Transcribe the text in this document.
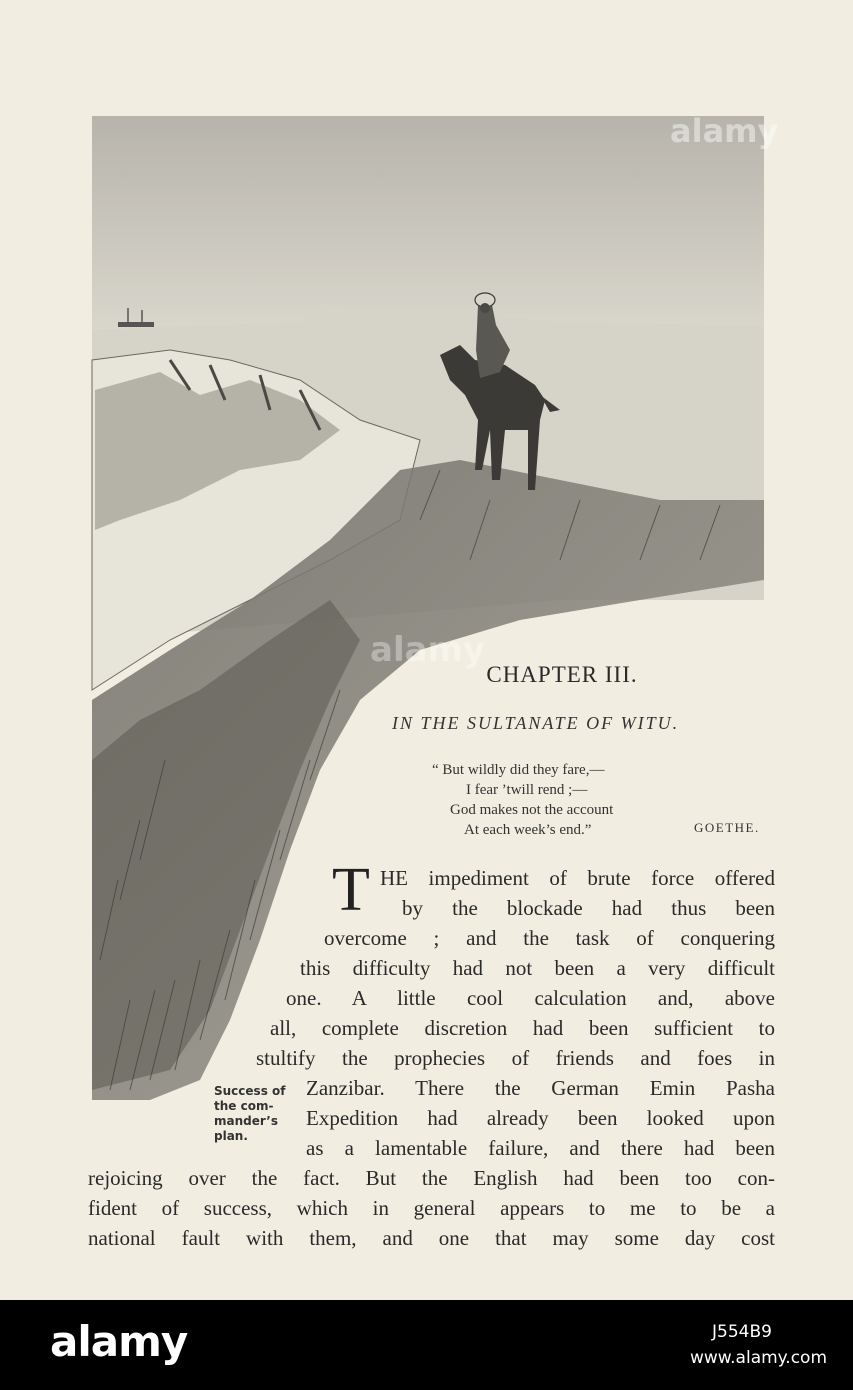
CHAPTER III.
IN THE SULTANATE OF WITU.
“ But wildly did they fare,—
I fear ’twill rend ;—
God makes not the account
At each week’s end.”	GOETHE.
T HE impediment of brute force offered
by the blockade had thus been
overcome ; and the task of conquering
this difficulty had not been a very difficult
one. A little cool calculation and, above
all, complete discretion had been sufficient to
stultify the prophecies of friends and foes in
Zanzibar. There the German Emin Pasha
Expedition had already been looked upon
as a lamentable failure, and there had been
rejoicing over the fact. But the English had been too con-
fident of success, which in general appears to me to be a
national fault with them, and one that may some day cost
Success of
the com-
mander’s
plan.
alamy
alamy
alamy	J554B9
www.alamy.com
